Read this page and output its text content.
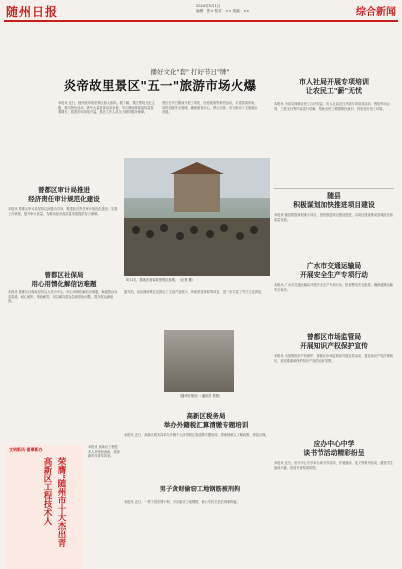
随州日报	2024年5月1日
编辑：张× 校对：×× 美编：××	综合新闻
播好文化"套" 打好节日"牌"
炎帝故里景区"五一"旅游市场火爆
本报讯 近日，随州炎帝故里景区游人如织。据了解，景区围绕文化主题，推出特色活动，吸引大量游客前来参观，节日期间游客接待量显著增长，旅游市场持续升温，景区工作人员全力做好服务保障。
景区在节日期间开展了祭祀、民俗展演等系列活动，丰富游客体验，同时加强安全管理，确保游客安心、舒心出游，有力推动了文旅融合发展。
市人社局开展专项培训
让农民工"薪"无忧
本报讯 为切实保障农民工合法权益，市人社局近日开展专项培训活动，围绕劳动合同、工资支付等内容进行讲解，帮助农民工增强维权意识，营造良好用工环境。
曾都区审计局推进
经济责任审计规范化建设
本报讯 曾都区审计局坚持以问题为导向，推进经济责任审计规范化建设，完善工作机制，提升审计质量，为推动经济高质量发展提供有力保障。
5月1日，游客在炎帝故里景区参观。（记者 摄）
曾都区社保局
用心用情化解信访难题
本报讯 曾都区社保局坚持以人民为中心，用心用情化解信访难题，畅通群众诉求渠道，耐心倾听，细致解答，切实解决群众急难愁盼问题，提升群众满意度。
据介绍，活动期间景区还推出了文创产品展示、传统美食体验等项目，进一步丰富了节日文化供给。
（随州日报讯）（通讯员 供图）
随县
积极谋划加快推进项目建设
本报讯 随县积极谋划重大项目，加快推进项目建设进度，以项目建设推动县域经济高质量发展。
广水市交通运输局
开展安全生产专项行动
本报讯 广水市交通运输局开展安全生产专项行动，排查整治安全隐患，确保道路运输安全有序。
曾都区市场监管局
开展知识产权保护宣传
本报讯 为加强知识产权保护，曾都区市场监管局开展宣传活动，普及知识产权法律知识，营造尊重和保护知识产权的良好氛围。
高新区税务局
举办外籍税汇算清缴专题培训
本报讯 近日，高新区税务局举办外籍个人所得税汇算清缴专题培训，帮助纳税人了解政策，规范办理。
应办中心中学
谈书节活动精彩纷呈
本报讯 近日，应办中心中学举办读书节活动，开展诵读、征文等系列活动，激发学生阅读兴趣，营造书香校园氛围。
男子贪财偷窃工地钢筋被刑拘
本报讯 近日，一男子因贪图小利，多次偷窃工地钢筋，被公安机关依法刑事拘留。
文明新风·喜事新办
荣膺“随州市十大杰出青
高新区工程技术人
本报讯 高新区工程技术人员荣获表彰，展现新时代青年风采。
